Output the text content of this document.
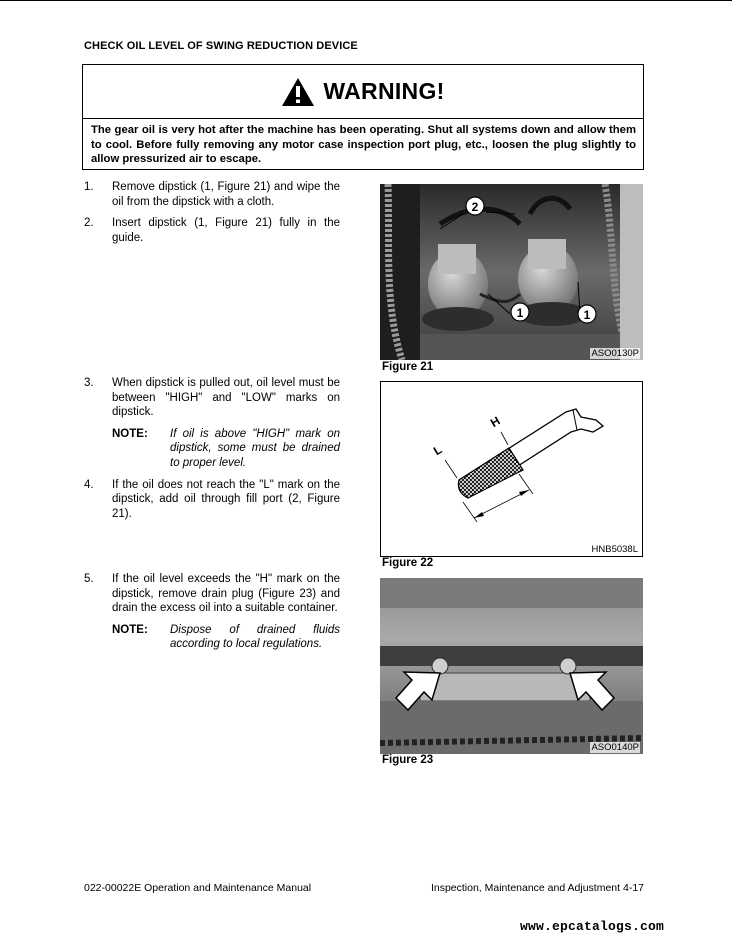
CHECK OIL LEVEL OF SWING REDUCTION DEVICE
WARNING!
The gear oil is very hot after the machine has been operating. Shut all systems down and allow them to cool. Before fully removing any motor case inspection port plug, etc., loosen the plug slightly to allow pressurized air to escape.
1.	Remove dipstick (1, Figure 21) and wipe the oil from the dipstick with a cloth.
2.	Insert dipstick (1, Figure 21) fully in the guide.
3.	When dipstick is pulled out, oil level must be between "HIGH" and "LOW" marks on dipstick.
NOTE:	If oil is above "HIGH" mark on dipstick, some must be drained to proper level.
4.	If the oil does not reach the "L" mark on the dipstick, add oil through fill port (2, Figure 21).
5.	If the oil level exceeds the "H" mark on the dipstick, remove drain plug (Figure 23) and drain the excess oil into a suitable container.
NOTE:	Dispose of drained fluids according to local regulations.
2
1	1
ASO0130P
Figure 21
L
H
HNB5038L
Figure 22
ASO0140P
Figure 23
022-00022E Operation and Maintenance Manual	Inspection, Maintenance and Adjustment 4-17
www.epcatalogs.com
